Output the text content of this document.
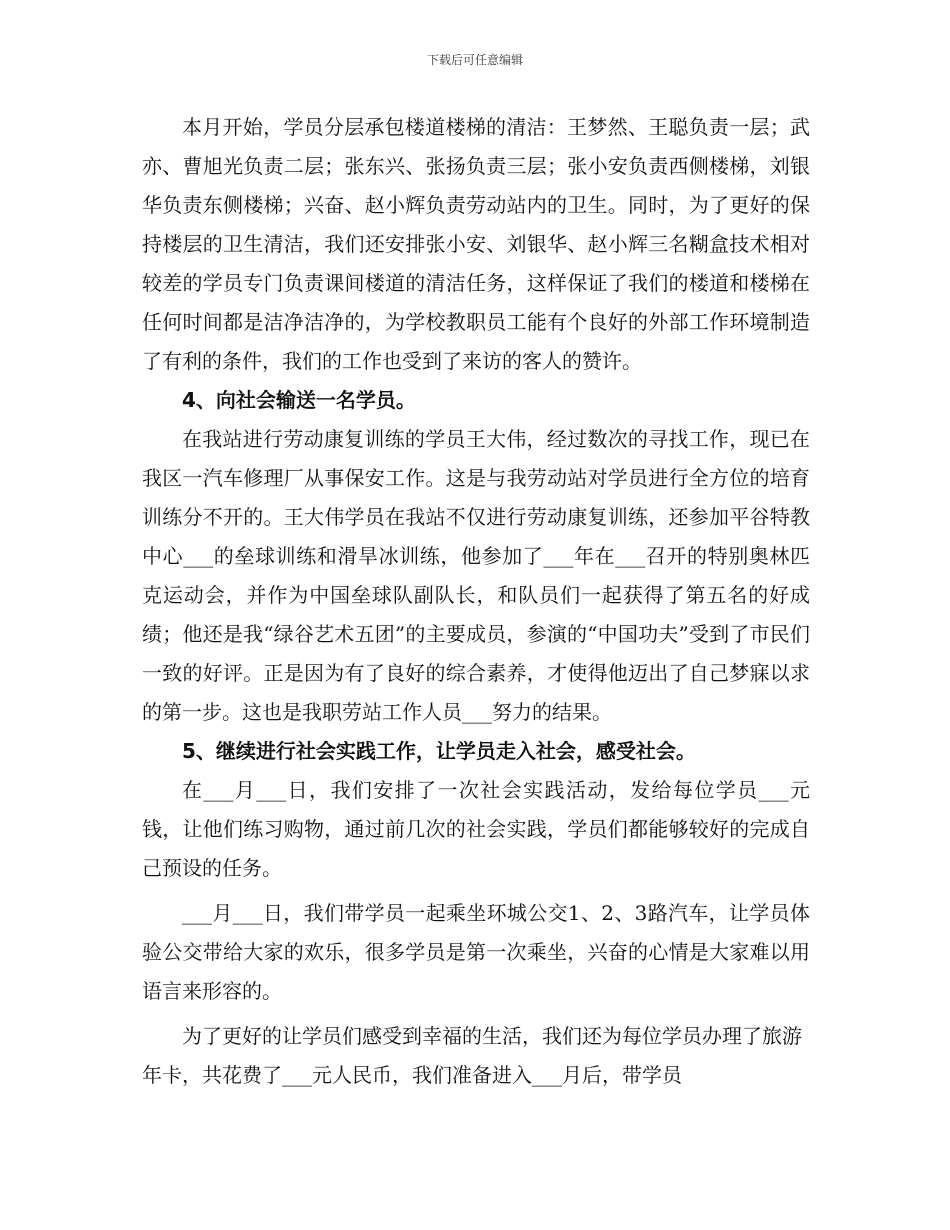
下载后可任意编辑

本月开始，学员分层承包楼道楼梯的清洁：王梦然、王聪负责一层；武亦、曹旭光负责二层；张东兴、张扬负责三层；张小安负责西侧楼梯，刘银华负责东侧楼梯；兴奋、赵小辉负责劳动站内的卫生。同时，为了更好的保持楼层的卫生清洁，我们还安排张小安、刘银华、赵小辉三名糊盒技术相对较差的学员专门负责课间楼道的清洁任务，这样保证了我们的楼道和楼梯在任何时间都是洁净洁净的，为学校教职员工能有个良好的外部工作环境制造了有利的条件，我们的工作也受到了来访的客人的赞许。

4、向社会输送一名学员。

在我站进行劳动康复训练的学员王大伟，经过数次的寻找工作，现已在我区一汽车修理厂从事保安工作。这是与我劳动站对学员进行全方位的培育训练分不开的。王大伟学员在我站不仅进行劳动康复训练，还参加平谷特教中心___的垒球训练和滑旱冰训练，他参加了___年在___召开的特别奥林匹克运动会，并作为中国垒球队副队长，和队员们一起获得了第五名的好成绩；他还是我“绿谷艺术五团”的主要成员，参演的“中国功夫”受到了市民们一致的好评。正是因为有了良好的综合素养，才使得他迈出了自己梦寐以求的第一步。这也是我职劳站工作人员___努力的结果。

5、继续进行社会实践工作，让学员走入社会，感受社会。

在___月___日，我们安排了一次社会实践活动，发给每位学员___元钱，让他们练习购物，通过前几次的社会实践，学员们都能够较好的完成自己预设的任务。

___月___日，我们带学员一起乘坐环城公交1、2、3路汽车，让学员体验公交带给大家的欢乐，很多学员是第一次乘坐，兴奋的心情是大家难以用语言来形容的。

为了更好的让学员们感受到幸福的生活，我们还为每位学员办理了旅游年卡，共花费了___元人民币，我们准备进入___月后，带学员
